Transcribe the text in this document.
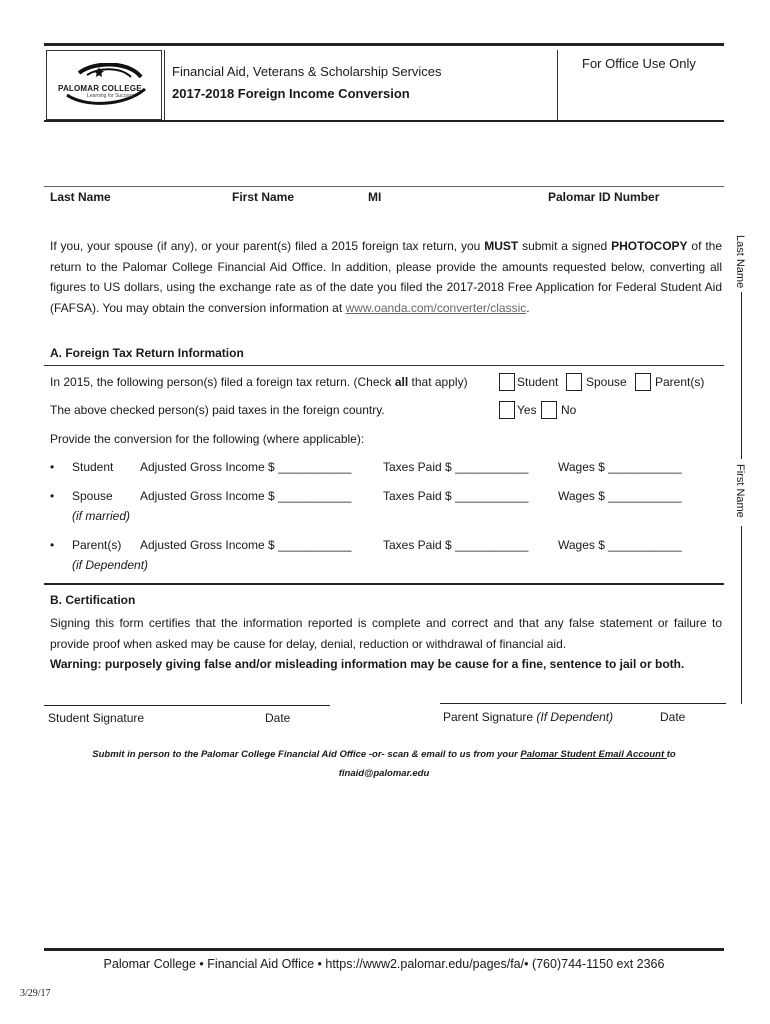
PALOMAR COLLEGE
Learning for Success
Financial Aid, Veterans & Scholarship Services
2017-2018 Foreign Income Conversion
For Office Use Only
Last Name	First Name	MI	Palomar ID Number
If you, your spouse (if any), or your parent(s) filed a 2015 foreign tax return, you MUST submit a signed PHOTOCOPY of the return to the Palomar College Financial Aid Office. In addition, please provide the amounts requested below, converting all figures to US dollars, using the exchange rate as of the date you filed the 2017-2018 Free Application for Federal Student Aid (FAFSA). You may obtain the conversion information at www.oanda.com/converter/classic.
A. Foreign Tax Return Information
In 2015, the following person(s) filed a foreign tax return. (Check all that apply)	Student Spouse Parent(s)
The above checked person(s) paid taxes in the foreign country.	Yes No
Provide the conversion for the following (where applicable):
• Student Adjusted Gross Income $ ___________	Taxes Paid $ ___________ Wages $ ___________
• Spouse
(if married)
Adjusted Gross Income $ ___________	Taxes Paid $ ___________ Wages $ ___________
• Parent(s)
(if Dependent)
Adjusted Gross Income $ ___________	Taxes Paid $ ___________ Wages $ ___________
B. Certification
Signing this form certifies that the information reported is complete and correct and that any false statement or failure to provide proof when asked may be cause for delay, denial, reduction or withdrawal of financial aid.
Warning: purposely giving false and/or misleading information may be cause for a fine, sentence to jail or both.
Student Signature	Date	Parent Signature (If Dependent)	Date
Submit in person to the Palomar College Financial Aid Office -or- scan & email to us from your Palomar Student Email Account to
finaid@palomar.edu
Last Name
First Name
Palomar College • Financial Aid Office • https://www2.palomar.edu/pages/fa/• (760)744-1150 ext 2366
3/29/17
